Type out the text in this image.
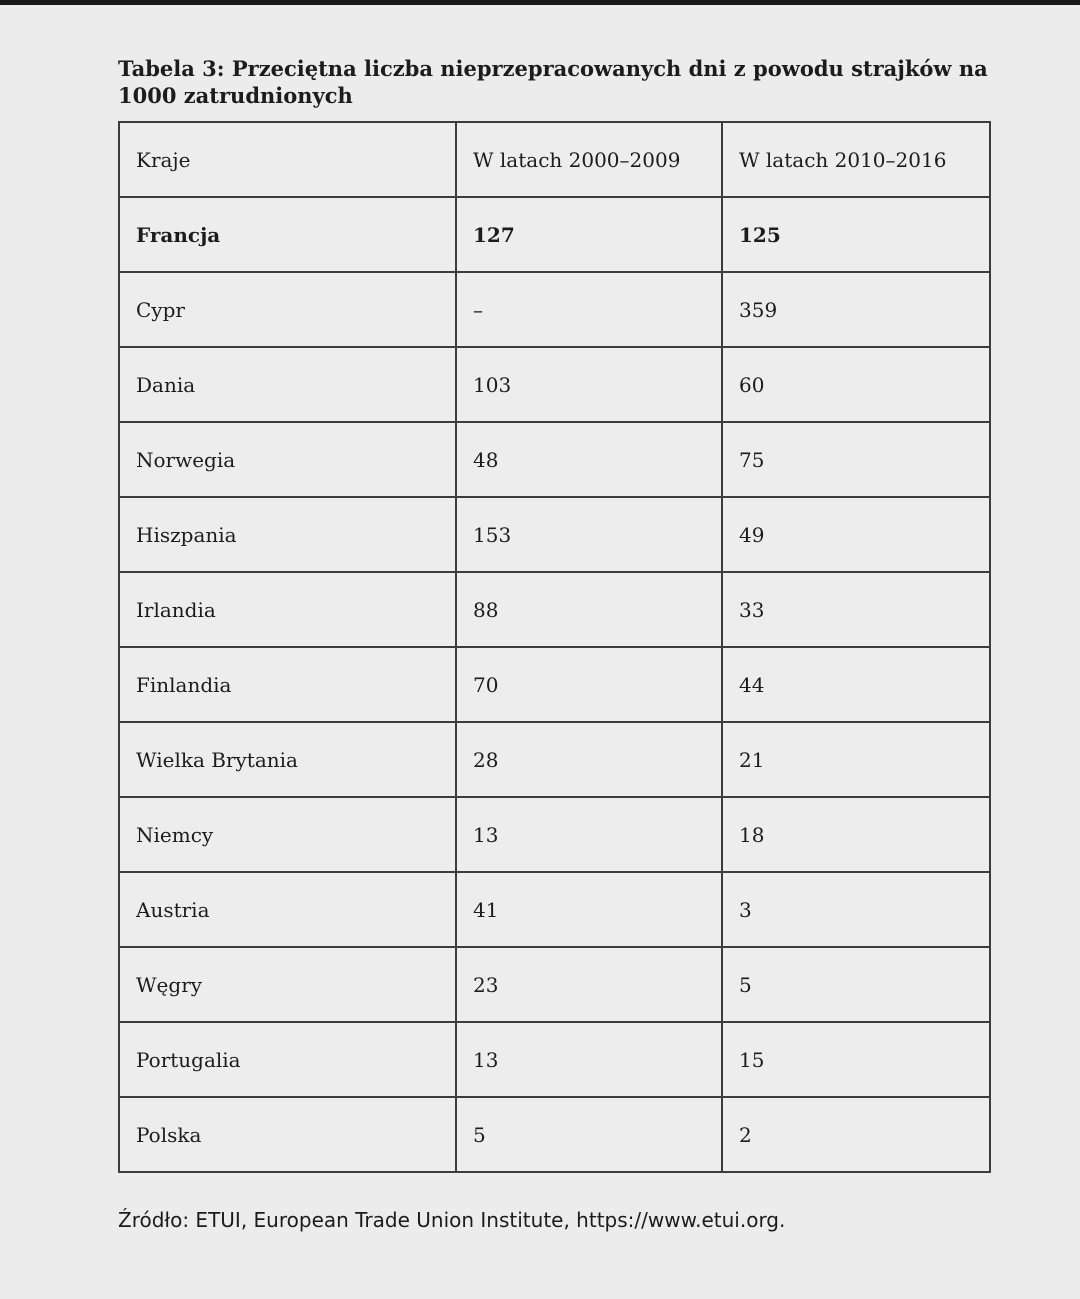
Tabela 3: Przeciętna liczba nieprzepracowanych dni z powodu strajków na 1000 zatrudnionych
Kraje	W latach 2000–2009	W latach 2010–2016
Francja	127	125
Cypr	–	359
Dania	103	60
Norwegia	48	75
Hiszpania	153	49
Irlandia	88	33
Finlandia	70	44
Wielka Brytania	28	21
Niemcy	13	18
Austria	41	3
Węgry	23	5
Portugalia	13	15
Polska	5	2

Źródło: ETUI, European Trade Union Institute, https://www.etui.org.
